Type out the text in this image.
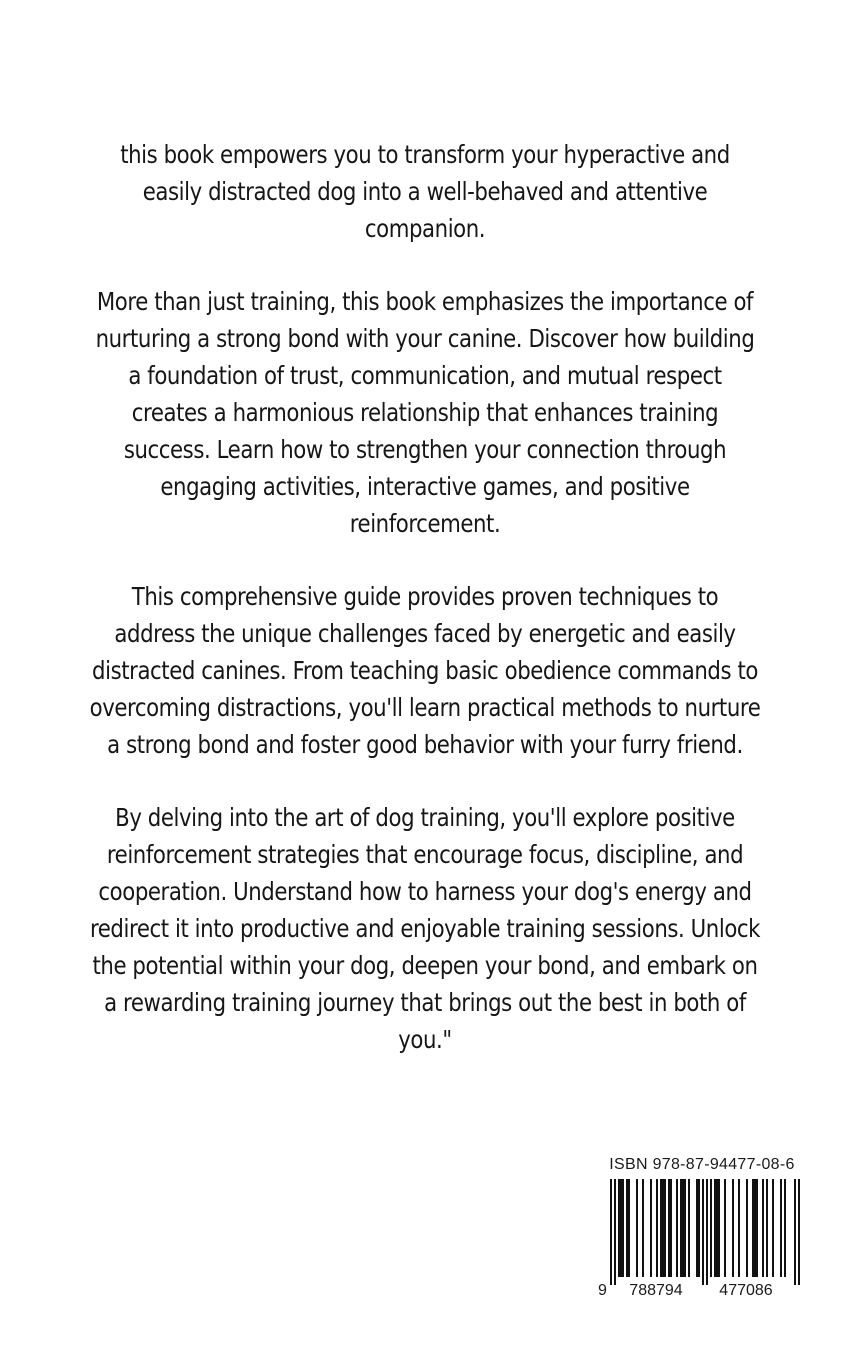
this book empowers you to transform your hyperactive and easily distracted dog into a well-behaved and attentive companion.

More than just training, this book emphasizes the importance of nurturing a strong bond with your canine. Discover how building a foundation of trust, communication, and mutual respect creates a harmonious relationship that enhances training success. Learn how to strengthen your connection through engaging activities, interactive games, and positive reinforcement.

This comprehensive guide provides proven techniques to address the unique challenges faced by energetic and easily distracted canines. From teaching basic obedience commands to overcoming distractions, you'll learn practical methods to nurture a strong bond and foster good behavior with your furry friend.

By delving into the art of dog training, you'll explore positive reinforcement strategies that encourage focus, discipline, and cooperation. Understand how to harness your dog's energy and redirect it into productive and enjoyable training sessions. Unlock the potential within your dog, deepen your bond, and embark on a rewarding training journey that brings out the best in both of you."

ISBN 978-87-94477-08-6
9 788794 477086
